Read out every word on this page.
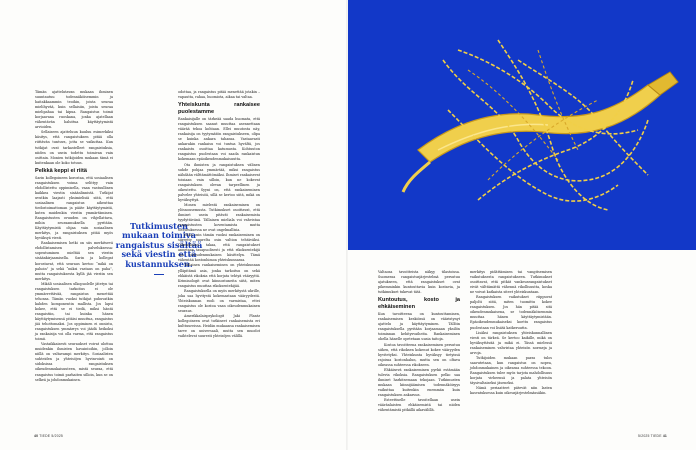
Tämän ajattelutavan mukaan ihminen suuntautuu todennäköisemmin ja haitakkaammin teoihin, joista seuraa mielihyvää, kuin sellaisiin, joista seuraa mielipahaa tai kipua. Rangaistus toimii korjaavana ruoskana, jonka ajatellaan vähentävän haluttua käyttäytymistä arvioiden.

Sellaiseen ajatteluun kuuluu esimerkiksi käsitys, että rangaistuksen pitää olla riittävän tuntuva, jotta se vaikuttaa. Kun tutkijat ovat tarkastelleet rangaistuksia, niiden on usein todettu toimivan vain osittain. Monien tutkijoiden mukaan tämä ei kuitenkaan ole koko totuus.

Pelkkä keppi ei riitä

Sarin kollegoineen korostaa, että sosiaalisen rangaistuksen voima selittyy vain ehdollistettu oppimisella, vaan vastuullinen kaikkea viestin sisäänlinnistä. Tutkijat uvutkin laajasti yksimielisiä siitä, että sosiaalinen rangaistus aiheuttaa tiedostoimattoman ja pääte käyttäytymistä, kuten muidenkin viestin ymmärtäminen. Rangaistusten ovuuden on vihjellattava, mihin seuraamuksella pyritään. Käyttäytymistä ohjaa vain sosiaalinen merkitys, ja rangaistuksen pitää myös hyväksyä viesti.

Rankaisemisen hetki on siis merkitsevä ehdollistamisen palveluksessa: sopeutuminen mieltää sen viestin sisäänkirjaamisella. Sarin ja kollegat korostavat, että seuraus kertoo “mikä on pahoin” ja sekä “miksi vastaus on paha”, mutta rangaistuksesta kyllä jää viestin sen merkitys.

Mikäli sosiaalisen ulkopuolelle jätetyn tai rangaistuksen tarkoitus ei ole ymmärrettävää, rangaistus menettää tehonsa. Tämän vuoksi tutkijat puhuvatkin kahden komponentin mallista. Jos lapsi kokee, että se ei tiedä, miksi häntä rangaistiin, tai kuinka hänen käyttäytymisensä pitäisi muuttua, rangaistus jää tehottomaksi. Jos oppiminen ei onnistu, rangaistuksen ymmärrys voi jäädä heikoksi ja rankaisija voi olla varma, että rangaistus toimii.

Vastaikkaisesti seuraukset voivat ulottua muidenkin ihmisten havaintoihin, jolloin niillä on valtavampi merkitys. Sosiaalisten suhteiden ja yhteisöjen hyvinvointi on sidoksissa rangaistuksen oikeudenmukaisuuteen, mistä seuraa, että rangaistus toimii parhaiten silloin, kun se on selkeä ja johdonmukainen.

Tutkimusten mukaan toimiva rangaistus sisältää sekä viestin että kustannuksen.

odottaa, ja rangaistus pitää menettää jotakin – vapautta, rahaa, huomiota, aikaa tai valtaa.

Yhteiskunta rankaisee puolestamme

Rankaisijalle on tärkeää saada huomata, että rangaistuksen saanut muuttaa asennettaan väärää tekoa kohtaan. Ellei muutosta näy, rankaisija on tyytymätön rangaistukseen, olipa se kuinka ankara tahansa. Vastaavasti ankarakin rankaisu voi tuntua hyvältä, jos rankaistu osoittaa katumusta. Kohtuuton rangaistus puolestaan voi saada rankaistun kokemaan epäoikeudenmukaisuutta.

Ota ihmisten ja rangaistuksen välinen suhde pohjaa ymmärtää, miksi rangaistus nähdään välttämättömäksi. Ihmiset rankaisevat toisiaan vain silloin, kun ne kokevat rangaistuksen olevan tarpeellinen ja oikeutettu. Syyni on, että rankaiseminen palvelee yhteisöä, sillä se kertoo siitä, mikä on hyväksyttyä.

Monen mielestä rankaiseminen on ylösnousemusta. Tutkimukset osoittavat, että ihmiset usein pitävät rankaisemista tyydyttävänä. Tällainen mieliala voi vahvistaa rangaistusten koventamista mutta toteutuksessa ne ovat ongelmallisia.

Ehkä osin tämän vuoksi rankaiseminen on siirretty suurelta osin valtion tehtäväksi. Oikeuslaitos takaa, että rangaistukset annetaan tasapuolisesti ja että rikoksentekijä saa oikeudenmukaisen käsittelyn. Tämä vähentää kostonhimoa yhteiskunnassa.

Tällainen rankaiseminen on yhteiskunnan ylläpitämä asia, jonka tarkoitus on sekä ehkäistä rikoksia että korjata tehtyä vääryyttä. Kriminologit ovat kiinnostuneita siitä, miten rangaistus muuttaa rikoksentekijää.

Rangaistuksella on myös merkitystä uhrille, joka saa hyvitystä kokemastaan vääryydestä. Yhteiskunnan rooli on varmistaa, ettei rangaistus ole kostoa vaan oikeudenmukainen seuraus.

Amerikkalaispsykologit Jaki Plantz kollegoineen ovat tutkineet rankaisemista eri kulttuureissa. Heidän mukaansa rankaisemisen tarve on universaali, mutta sen muodot vaihtelevat suuresti yhteisöjen välillä.

40 TIEDE 5/2025

Valtaosa tavoitteista näkyy tilastoissa. Suomessa rangaistusjärjestelmä perustuu ajatukseen, että rangaistukset ovat pikemminkin kuntouttavia kuin kostavia, ja tutkimukset tukevat tätä.

Kuntoutus, kosto ja ehkäiseminen

Kun tavoitteena on kuntouttaminen, rankaisemisen keskiössä on vääristynyt ajattelu ja käyttäytyminen. Tällöin rangaistuksella pyritään korjaamaan yksilön toiminnan kehitysvaiheita. Rankaiseminen ohella hänelle opetetaan uusia taitoja.

Kostoa tavoitteena rankaiseminen perustuu siihen, että rikoksen kokenut kokee vääryyden hyvitetyksi. Yhteiskunta hyväksyy tietyissä rajoissa kostonhalun, mutta sen on oltava oikeassa suhteessa rikokseen.

Ehkäisevä rankaiseminen pyrkii estämään tulevia rikoksia. Rangaistuksen pelko saa ihmiset harkitsemaan tekojaan. Tutkimusten mukaan kiinnijäämisen todennäköisyys vaikuttaa kuitenkin enemmän kuin rangaistuksen ankaruus.

Esteettiselle tavoitellaan usein vääränlaisten ehkäisemistä tai niiden vähentämistä pitkällä aikavälillä.

merkitys pidättämisen tai vangitsemisen vaikutuksesta rangaistukseen. Tutkimukset osoittavat, että pitkät vankeusrangaistukset eivät välttämättä vähennä rikollisuutta, koska ne voivat katkaista siteet yhteiskuntaan.

Rangaistuksen vaikutukset riippuvat paljolti siitä, miten tuomittu kokee rangaistuksen. Jos hän pitää sitä oikeudenmukaisena, se todennäköisemmin muuttaa hänen käyttäytymistään. Epäoikeudenmukaiseksi koettu rangaistus puolestaan voi lisätä katkeruutta.

Lisäksi rangaistuksen yhteiskunnallinen viesti on tärkeä. Se kertoo kaikille, mikä on hyväksyttävää ja mikä ei. Tässä mielessä rankaiseminen vahvistaa yhteisön normeja ja arvoja.

Tutkijoiden mukaan paras tulos saavutetaan, kun rangaistus on nopea, johdonmukainen ja oikeassa suhteessa tekoon. Rangaistuksen tulee myös tarjota mahdollisuus korjata virheensä ja palata yhteisön täysivaltaiseksi jäseneksi.

Nämä periaatteet pätevät niin lasten kasvatuksessa kuin oikeusjärjestelmässäkin.

5/2025 TIEDE 41
